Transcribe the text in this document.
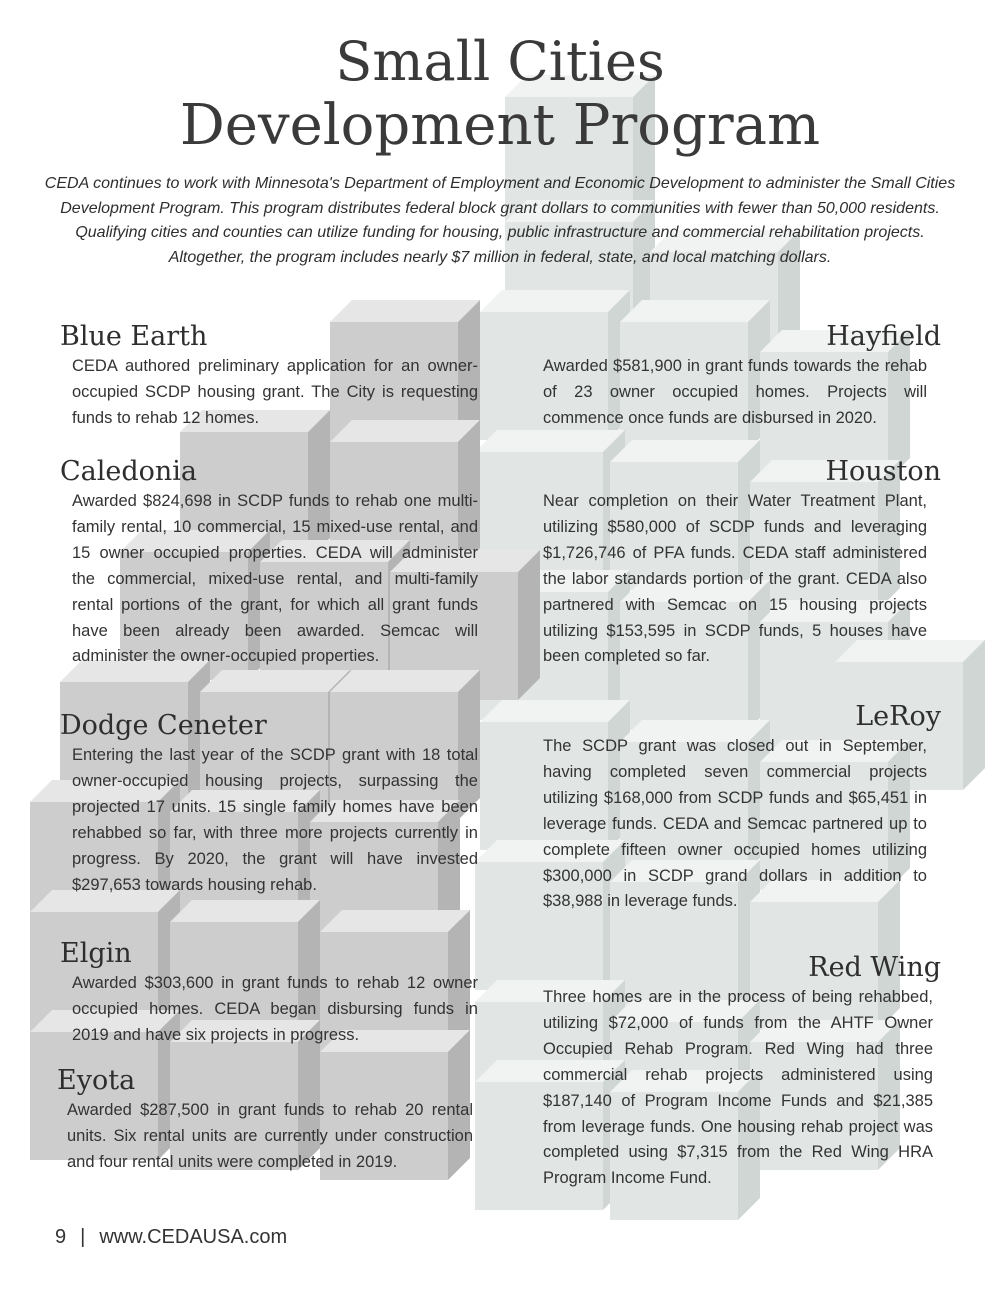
Small Cities
Development Program

CEDA continues to work with Minnesota's Department of Employment and Economic Development to administer the Small Cities Development Program. This program distributes federal block grant dollars to communities with fewer than 50,000 residents. Qualifying cities and counties can utilize funding for housing, public infrastructure and commercial rehabilitation projects. Altogether, the program includes nearly $7 million in federal, state, and local matching dollars.

Blue Earth

CEDA authored preliminary application for an owner-occupied SCDP housing grant. The City is requesting funds to rehab 12 homes.

Caledonia

Awarded $824,698 in SCDP funds to rehab one multi-family rental, 10 commercial, 15 mixed-use rental, and 15 owner occupied properties. CEDA will administer the commercial, mixed-use rental, and multi-family rental portions of the grant, for which all grant funds have been already been awarded. Semcac will administer the owner-occupied properties.

Dodge Ceneter

Entering the last year of the SCDP grant with 18 total owner-occupied housing projects, surpassing the projected 17 units. 15 single family homes have been rehabbed so far, with three more projects currently in progress. By 2020, the grant will have invested $297,653 towards housing rehab.

Elgin

Awarded $303,600 in grant funds to rehab 12 owner occupied homes. CEDA began disbursing funds in 2019 and have six projects in progress.

Eyota

Awarded $287,500 in grant funds to rehab 20 rental units. Six rental units are currently under construction and four rental units were completed in 2019.

Hayfield

Awarded $581,900 in grant funds towards the rehab of 23 owner occupied homes. Projects will commence once funds are disbursed in 2020.

Houston

Near completion on their Water Treatment Plant, utilizing $580,000 of SCDP funds and leveraging $1,726,746 of PFA funds. CEDA staff administered the labor standards portion of the grant. CEDA also partnered with Semcac on 15 housing projects utilizing $153,595 in SCDP funds, 5 houses have been completed so far.

LeRoy

The SCDP grant was closed out in September, having completed seven commercial projects utilizing $168,000 from SCDP funds and $65,451 in leverage funds. CEDA and Semcac partnered up to complete fifteen owner occupied homes utilizing $300,000 in SCDP grand dollars in addition to $38,988 in leverage funds.

Red Wing

Three homes are in the process of being rehabbed, utilizing $72,000 of funds from the AHTF Owner Occupied Rehab Program. Red Wing had three commercial rehab projects administered using $187,140 of Program Income Funds and $21,385 from leverage funds. One housing rehab project was completed using $7,315 from the Red Wing HRA Program Income Fund.

9 | www.CEDAUSA.com
